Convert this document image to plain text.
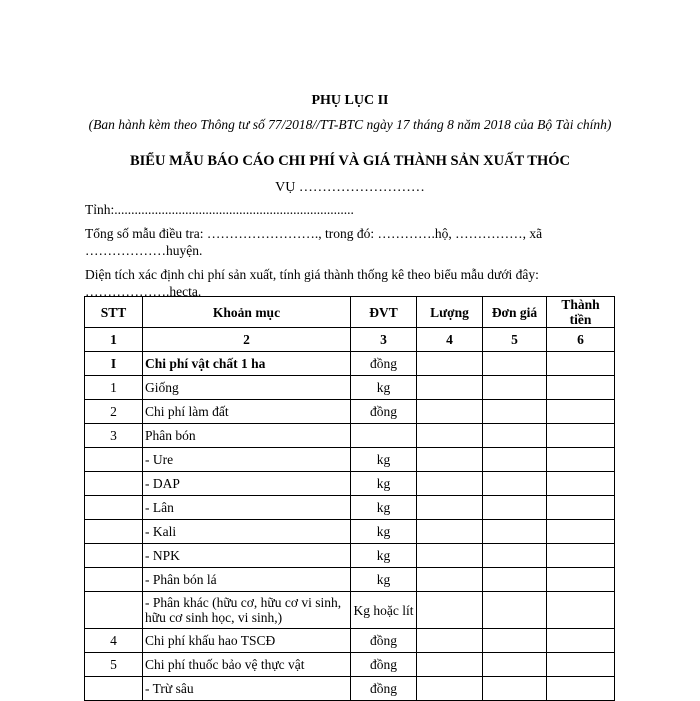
PHỤ LỤC II
(Ban hành kèm theo Thông tư số 77/2018//TT-BTC ngày 17 tháng 8 năm 2018 của Bộ Tài chính)
BIỂU MẪU BÁO CÁO CHI PHÍ VÀ GIÁ THÀNH SẢN XUẤT THÓC
VỤ ………………………
Tỉnh:.......................................................................
Tổng số mẫu điều tra: ……………………., trong đó: ………….hộ, ……………, xã ………………huyện.
Diện tích xác định chi phí sản xuất, tính giá thành thống kê theo biểu mẫu dưới đây: ……………….hecta.
STT	Khoản mục	ĐVT	Lượng	Đơn giá	Thành tiền
1	2	3	4	5	6
I	Chi phí vật chất 1 ha	đồng			
1	Giống	kg			
2	Chi phí làm đất	đồng			
3	Phân bón				
	- Ure	kg			
	- DAP	kg			
	- Lân	kg			
	- Kali	kg			
	- NPK	kg			
	- Phân bón lá	kg			
	- Phân khác (hữu cơ, hữu cơ vi sinh, hữu cơ sinh học, vi sinh,)	Kg hoặc lít			
4	Chi phí khấu hao TSCĐ	đồng			
5	Chi phí thuốc bảo vệ thực vật	đồng			
	- Trừ sâu	đồng			
